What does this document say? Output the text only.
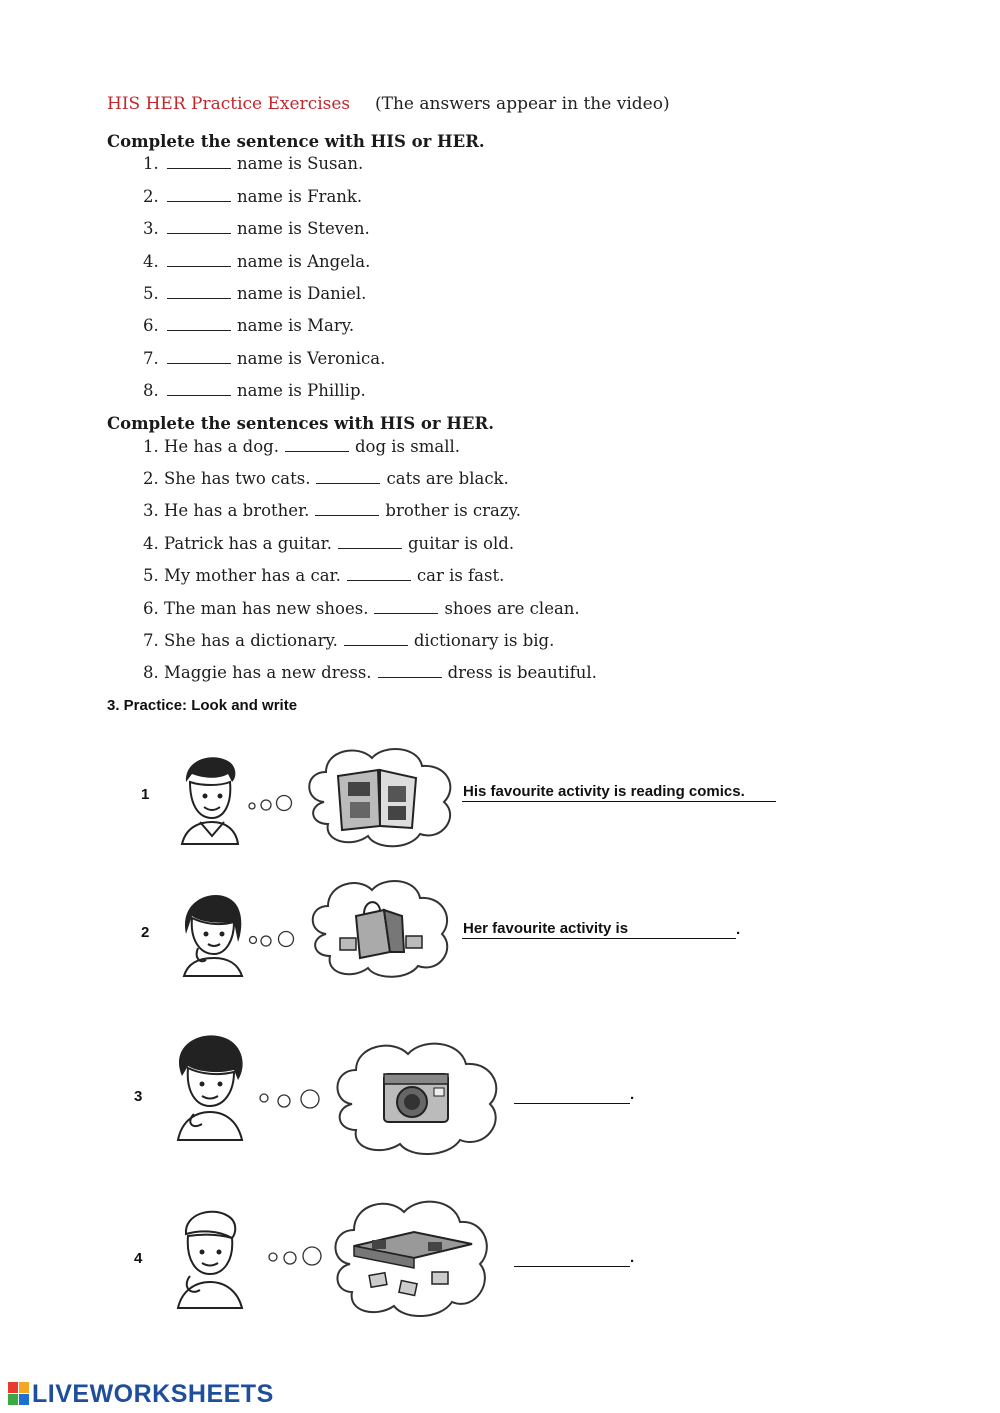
HIS HER Practice Exercises (The answers appear in the video)
Complete the sentence with HIS or HER.
1.	name is Susan.
2.	name is Frank.
3.	name is Steven.
4.	name is Angela.
5.	name is Daniel.
6.	name is Mary.
7.	name is Veronica.
8.	name is Phillip.
Complete the sentences with HIS or HER.
1. He has a dog.	dog is small.
2. She has two cats.	cats are black.
3. He has a brother.	brother is crazy.
4. Patrick has a guitar.	guitar is old.
5. My mother has a car.	car is fast.
6. The man has new shoes.	shoes are clean.
7. She has a dictionary.	dictionary is big.
8. Maggie has a new dress.	dress is beautiful.
3. Practice: Look and write
1	His favourite activity is reading comics.
2	Her favourite activity is	.
3	.
4	.
LIVEWORKSHEETS
